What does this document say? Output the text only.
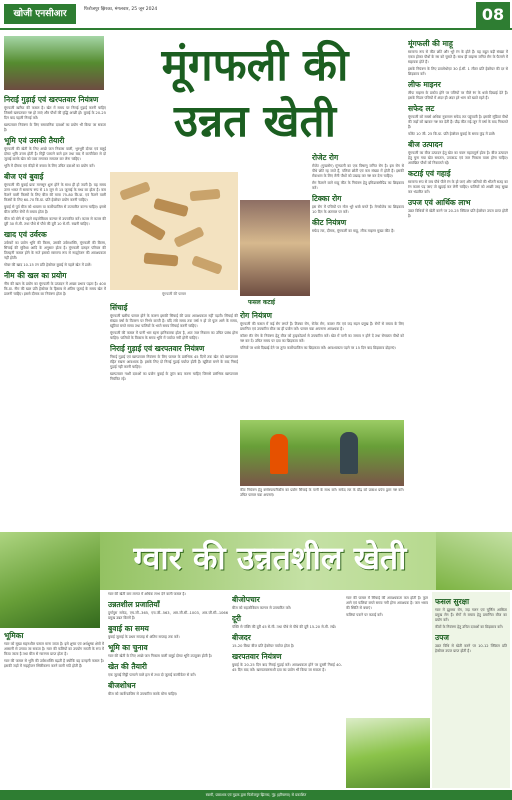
खोजी एनसीआर	फिरोजपुर झिरका, मंगलवार, 25 जून 2024	08
निराई गुड़ाई एवं खरपतवार नियंत्रण

मूंगफली खरीफ की फसल है। खेत में समय पर निराई गुड़ाई करनी चाहिए जिससे खरपतवार नष्ट हो जाएं और पौधों की वृद्धि अच्छी हो। बुवाई के 20-25 दिन बाद पहली निराई करें।

खरपतवार नियंत्रण के लिए रासायनिक दवाओं का प्रयोग भी किया जा सकता है।

भूमि एवं उसकी तैयारी

मूंगफली की खेती के लिए अच्छे जल निकास वाली, भुरभुरी दोमट एवं बलुई दोमट भूमि उत्तम होती है। मिट्टी पलटने वाले हल तथा बाद में कल्टीवेटर से दो जुताई करके खेत को पाटा लगाकर समतल कर लेना चाहिए।

भूमि में दीमक एवं कीड़ों से बचाव के लिए उचित दवाओं का प्रयोग करें।

बीज एवं बुवाई

मूंगफली की बुवाई प्रायः मानसून शुरू होने के साथ ही हो जाती है। यह समय उत्तर भारत में सामान्य रूप से 15 जून से 15 जुलाई के मध्य का होता है। कम फैलने वाली किस्मों के लिए बीज की मात्रा 75-80 कि.ग्रा. एवं फैलने वाली किस्मों के लिए 60-70 कि.ग्रा. प्रति हेक्टेयर प्रयोग करनी चाहिए।

बुवाई से पूर्व बीज को थायरम या कार्बेन्डाजिम से उपचारित करना चाहिए। इससे बीज जनित रोगों से बचाव होता है।

बीज को बोने से पहले राइजोबियम कल्चर से उपचारित करें। कतार से कतार की दूरी 30 से.मी. तथा पौधे से पौधे की दूरी 10 से.मी. रखनी चाहिए।

खाद एवं उर्वरक

उर्वरकों का प्रयोग भूमि की किस्म, उसकी उर्वराशक्ति, मूंगफली की किस्म, सिंचाई की सुविधा आदि के अनुसार होता है। मूंगफली दलहन परिवार की तिलहनी फसल होने के नाते इसको सामान्य रूप से नाइट्रोजन की आवश्यकता नहीं होती।

गोबर की खाद 10-15 टन प्रति हेक्टेयर बुवाई से पहले खेत में डालें।

नीम की खल का प्रयोग

नीम की खल के प्रयोग का मूंगफली के उत्पादन में अच्छा प्रभाव पड़ता है। 400 कि.ग्रा. नीम की खल प्रति हेक्टेयर के हिसाब से अंतिम जुताई के समय खेत में डालनी चाहिए। इससे दीमक का नियंत्रण होता है।

मूंगफली की
उन्नत खेती
मूंगफली की फसल
सिंचाई

मूंगफली खरीफ फसल होने के कारण इसकी सिंचाई की प्रायः आवश्यकता नहीं पड़ती। सिंचाई की संख्या वर्षा के वितरण पर निर्भर करती है। यदि लंबे समय तक वर्षा न हो तो फूल आने के समय, खूंटियां बनते समय तथा फलियों के भरते समय सिंचाई करनी चाहिए।

मूंगफली की फसल में पानी भरा रहना हानिकारक होता है, अतः जल निकास का उचित प्रबंध होना चाहिए। फलियों के विकास के समय भूमि में पर्याप्त नमी होनी चाहिए।

निराई गुड़ाई एवं खरपतवार नियंत्रण

निराई गुड़ाई एवं खरपतवार नियंत्रण के लिए फसल के प्रारंभिक 45 दिनों तक खेत को खरपतवार रहित रखना आवश्यक है। इसके लिए दो निराई गुड़ाई पर्याप्त होती हैं। खूंटियां बनने के बाद निराई गुड़ाई नहीं करनी चाहिए।

खरपतवार नाशी दवाओं का प्रयोग बुवाई के तुरंत बाद करना चाहिए जिससे प्रारंभिक खरपतवार नियंत्रित रहें।

फसल कटाई
रोजेट रोग

रोजेट (गुच्छरोग) मूंगफली का एक विषाणु जनित रोग है। इस रोग से पौधे छोटे रह जाते हैं, पत्तियां छोटी एवं कम संख्या में होती हैं। इसकी रोकथाम के लिए रोगी पौधों को उखाड़ कर नष्ट कर देना चाहिए।

रोग फैलाने वाले माहू कीट के नियंत्रण हेतु इमिडाक्लोप्रिड का छिड़काव करें।

टिक्का रोग

इस रोग में पत्तियों पर गोल भूरे धब्बे बनते हैं। मेन्कोजेब का छिड़काव 10 दिन के अंतराल पर करें।

कीट नियंत्रण

सफेद लट, दीमक, मूंगफली का माहू, लीफ माइनर मुख्य कीट हैं।

रोग नियंत्रण

मूंगफली की फसल में कई रोग लगते हैं। टिक्का रोग, रोजेट रोग, कालर रॉट एवं जड़ सड़न प्रमुख हैं। रोगों से बचाव के लिए प्रमाणित एवं उपचारित बीज का ही प्रयोग करें। फसल चक्र अपनाना आवश्यक है।

कॉलर रॉट रोग के नियंत्रण हेतु बीज को ट्राइकोडर्मा से उपचारित करें। खेत में पानी का जमाव न होने दें तथा रोगग्रस्त पौधों को नष्ट कर दें। उचित समय पर दवा का छिड़काव करें।

पत्तियों पर धब्बे दिखाई देने पर तुरंत कार्बेन्डाजिम का छिड़काव करें। आवश्यकता पड़ने पर 15 दिन बाद छिड़काव दोहराएं।

कीट नियंत्रण हेतु क्लोरपायरीफॉस का प्रयोग सिंचाई के पानी के साथ करें। सफेद लट के प्रौढ़ को प्रकाश प्रपंच द्वारा नष्ट करें। उचित फसल चक्र अपनाएं।

मूंगफली की माहू

सामान्य रूप से कीट छोटे और भूरे रंग के होते हैं। यह बहुत बड़ी संख्या में एकत्र होकर पौधों के रस को चूसते हैं। साथ ही वाइरस जनित रोग के फैलाने में सहायक होते हैं।

इसके नियंत्रण के लिए डायमेथोएट 30 ई.सी. 1 लीटर प्रति हेक्टेयर की दर से छिड़काव करें।

लीफ माइनर

लीफ माइनर के प्रकोप होने पर पत्तियों पर पीले रंग के धब्बे दिखाई देते हैं। इसके गिडार पत्तियों में अंदर ही अंदर हरे भाग को खाते रहते हैं।

सफेद लट

मूंगफली को सबसे अधिक नुकसान सफेद लट पहुंचाती है। इसकी सूंडियां पौधों की जड़ों को खाकर नष्ट कर देती हैं। प्रौढ़ कीट मई-जून में वर्षा के बाद निकलते हैं।

फोरेट 10 जी. 25 कि.ग्रा. प्रति हेक्टेयर बुवाई के समय कूंड़ में डालें।

बीज उत्पादन

मूंगफली का बीज उत्पादन हेतु खेत का चयन महत्वपूर्ण होता है। बीज उत्पादन हेतु चुना गया खेत समतल, उपजाऊ एवं जल निकास वाला होना चाहिए। अवांछित पौधों को निकालते रहें।

कटाई एवं गहाई

सामान्य रूप से जब पौधे पीले रंग के हो जाएं और फलियों की भीतरी सतह का रंग काला पड़ जाए तो खुदाई कर लेनी चाहिए। फलियों को अच्छी तरह सुखा कर भंडारित करें।

उपज एवं आर्थिक लाभ

उन्नत विधियों से खेती करने पर 20-25 क्विंटल प्रति हेक्टेयर उपज प्राप्त होती है।

ग्वार की उन्नतशील खेती
भूमिका

ग्वार को सूखा सहनशील फसल माना जाता है। इसे शुष्क एवं अर्धशुष्क क्षेत्रों में आसानी से उगाया जा सकता है। ग्वार की फलियों का उपयोग सब्जी के रूप में किया जाता है तथा बीज से ग्वारगम प्राप्त होता है।

ग्वार की फसल से भूमि की उर्वराशक्ति बढ़ती है क्योंकि यह दलहनी फसल है। इसकी जड़ों में नाइट्रोजन स्थिरीकरण करने वाली गांठें होती हैं।

ग्वार की खेती कम लागत में अधिक लाभ देने वाली फसल है।

उन्नतशील प्रजातियाँ

दुर्गापुरा सफेद, एच.जी.-365, एच.जी.-563, आर.जी.सी.-1003, आर.जी.सी.-1066 प्रमुख उन्नत किस्में हैं।

बुवाई का समय

बुवाई जुलाई के प्रथम सप्ताह से अंतिम सप्ताह तक करें।

भूमि का चुनाव

ग्वार की खेती के लिए अच्छे जल निकास वाली बलुई दोमट भूमि उपयुक्त होती है।

खेत की तैयारी

एक जुताई मिट्टी पलटने वाले हल से तथा दो जुताई कल्टीवेटर से करें।

बीजशोधन

बीज को कार्बेन्डाजिम से उपचारित करके बोना चाहिए।

बीजोपचार

बीज को राइजोबियम कल्चर से उपचारित करें।

दूरी

पंक्ति से पंक्ति की दूरी 45 से.मी. तथा पौधे से पौधे की दूरी 15-20 से.मी. रखें।

बीजदर

15-20 किग्रा बीज प्रति हेक्टेयर पर्याप्त होता है।

खरपतवार नियंत्रण

बुवाई के 20-25 दिन बाद निराई गुड़ाई करें। आवश्यकता होने पर दूसरी निराई 40-45 दिन बाद करें। खरपतवारनाशी दवा का प्रयोग भी किया जा सकता है।

ग्वार की फसल में सिंचाई की आवश्यकता कम होती है। फूल आने एवं फलियां बनते समय नमी होना आवश्यक है। जल भराव की स्थिति से बचाएं।

फलियां पकने पर कटाई करें।

फसल सुरक्षा

ग्वार में झुलसा रोग, जड़ गलन एवं चूर्णिल आसिता प्रमुख रोग हैं। रोगों से बचाव हेतु प्रमाणित बीज का प्रयोग करें।

कीटों के नियंत्रण हेतु उचित दवाओं का छिड़काव करें।

उपज

उन्नत विधि से खेती करने पर 10-12 क्विंटल प्रति हेक्टेयर उपज प्राप्त होती है।

स्वामी, प्रकाशक एवं मुद्रक द्वारा फिरोजपुर झिरका, नूंह (हरियाणा) से प्रकाशित
